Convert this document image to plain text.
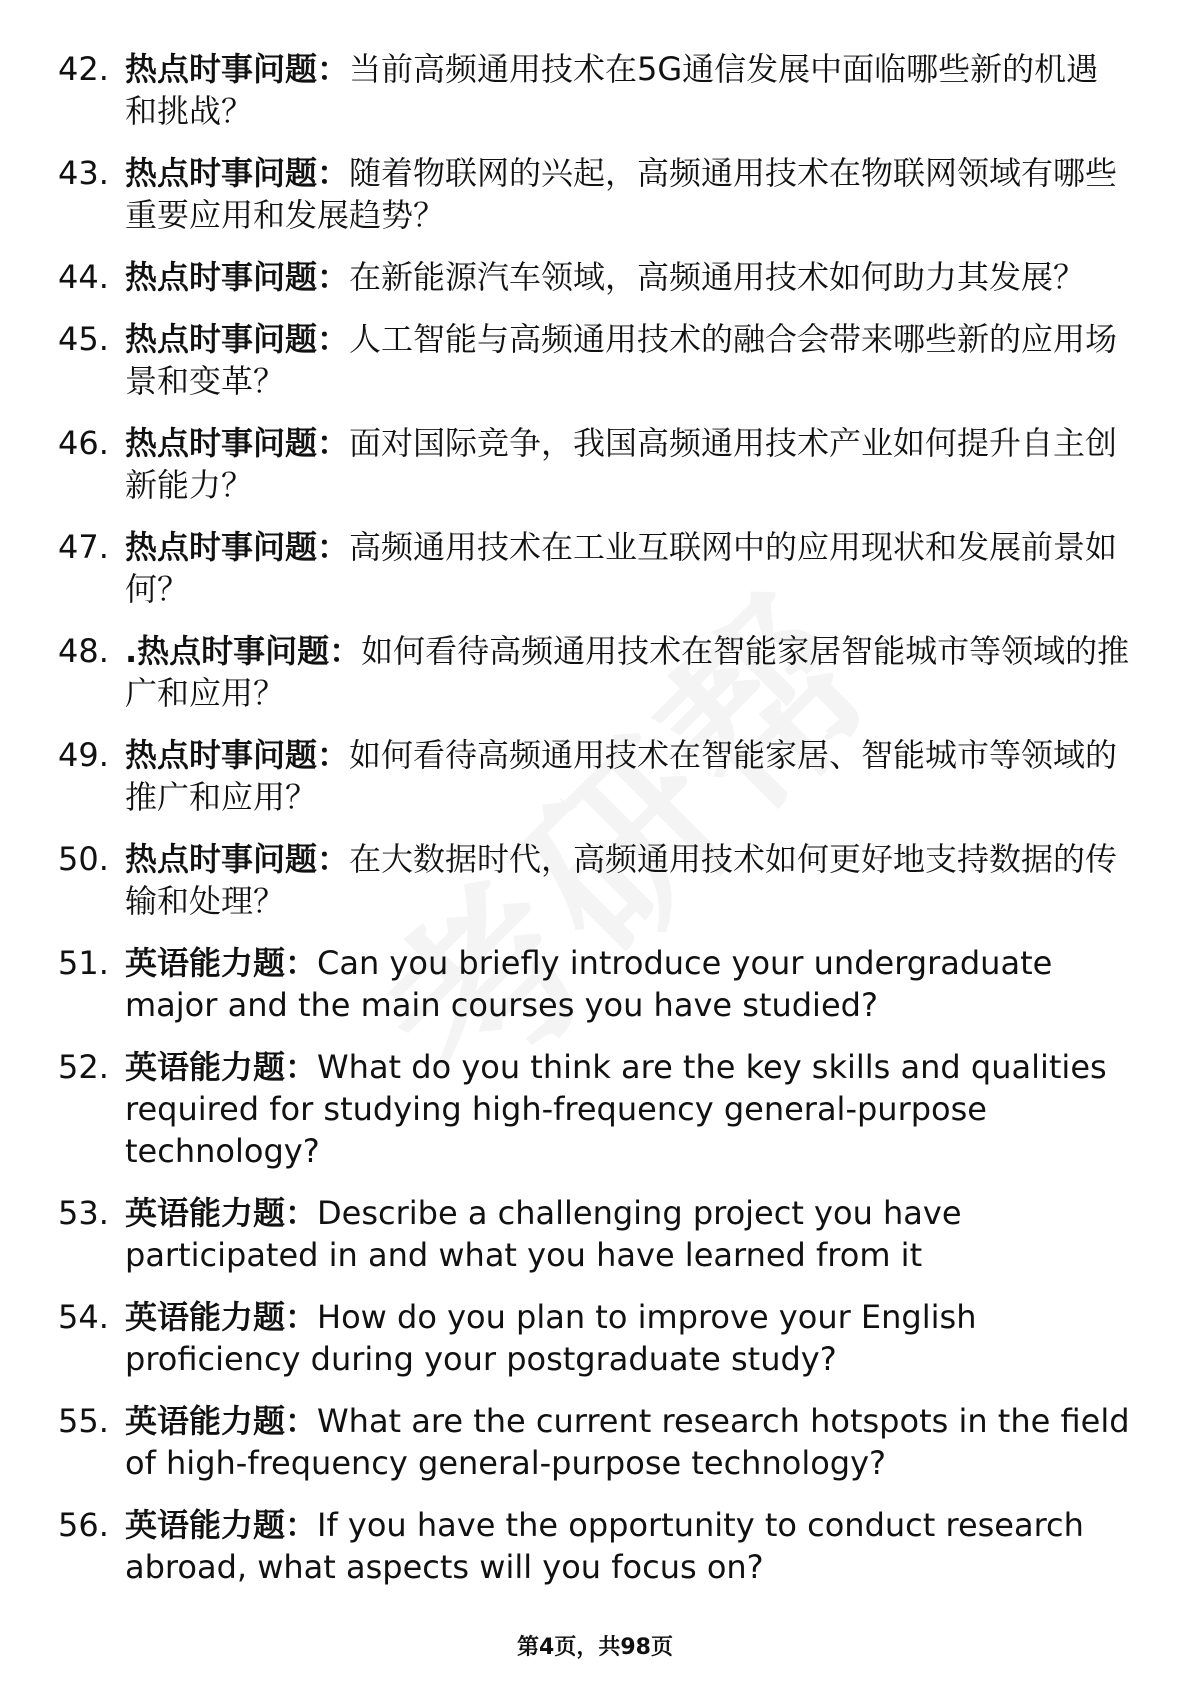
42. 热点时事问题：当前高频通用技术在5G通信发展中面临哪些新的机遇和挑战？
43. 热点时事问题：随着物联网的兴起，高频通用技术在物联网领域有哪些重要应用和发展趋势？
44. 热点时事问题：在新能源汽车领域，高频通用技术如何助力其发展？
45. 热点时事问题：人工智能与高频通用技术的融合会带来哪些新的应用场景和变革？
46. 热点时事问题：面对国际竞争，我国高频通用技术产业如何提升自主创新能力？
47. 热点时事问题：高频通用技术在工业互联网中的应用现状和发展前景如何？
48. .热点时事问题：如何看待高频通用技术在智能家居智能城市等领域的推广和应用？
49. 热点时事问题：如何看待高频通用技术在智能家居、智能城市等领域的推广和应用？
50. 热点时事问题：在大数据时代，高频通用技术如何更好地支持数据的传输和处理？
51. 英语能力题：Can you briefly introduce your undergraduate major and the main courses you have studied?
52. 英语能力题：What do you think are the key skills and qualities required for studying high-frequency general-purpose technology?
53. 英语能力题：Describe a challenging project you have participated in and what you have learned from it
54. 英语能力题：How do you plan to improve your English proficiency during your postgraduate study?
55. 英语能力题：What are the current research hotspots in the field of high-frequency general-purpose technology?
56. 英语能力题：If you have the opportunity to conduct research abroad, what aspects will you focus on?
第4页，共98页
